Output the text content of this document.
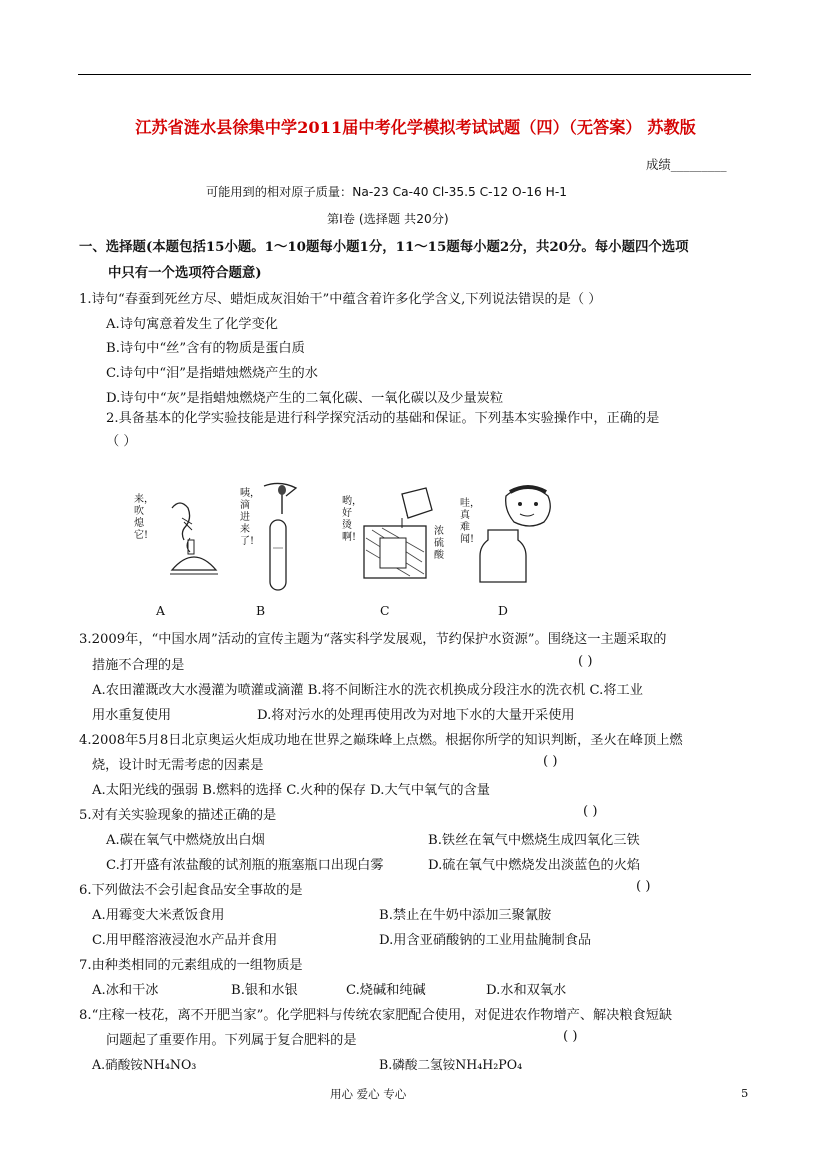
江苏省涟水县徐集中学2011届中考化学模拟考试试题（四）（无答案） 苏教版
成绩_________
可能用到的相对原子质量：Na-23 Ca-40 Cl-35.5 C-12 O-16 H-1
第Ⅰ卷 (选择题 共20分)
一、选择题(本题包括15小题。1～10题每小题1分，11～15题每小题2分，共20分。每小题四个选项
中只有一个选项符合题意)
1.诗句“春蚕到死丝方尽、蜡炬成灰泪始干”中蕴含着许多化学含义,下列说法错误的是（ ）
A.诗句寓意着发生了化学变化
B.诗句中“丝”含有的物质是蛋白质
C.诗句中“泪”是指蜡烛燃烧产生的水
D.诗句中“灰”是指蜡烛燃烧产生的二氧化碳、一氧化碳以及少量炭粒
2.具备基本的化学实验技能是进行科学探究活动的基础和保证。下列基本实验操作中，正确的是
（ ）
来，吹熄它!
咦，滴进来了!
哟，好烫啊!
浓硫酸
哇，真难闻!
A	B	C	D
3.2009年，“中国水周”活动的宣传主题为“落实科学发展观，节约保护水资源”。围绕这一主题采取的
措施不合理的是	( )
A.农田灌溉改大水漫灌为喷灌或滴灌 B.将不间断注水的洗衣机换成分段注水的洗衣机 C.将工业
用水重复使用	D.将对污水的处理再使用改为对地下水的大量开采使用
4.2008年5月8日北京奥运火炬成功地在世界之巅珠峰上点燃。根据你所学的知识判断，圣火在峰顶上燃
烧，设计时无需考虑的因素是	( )
A.太阳光线的强弱 B.燃料的选择 C.火种的保存 D.大气中氧气的含量
5.对有关实验现象的描述正确的是	( )
A.碳在氧气中燃烧放出白烟	B.铁丝在氧气中燃烧生成四氧化三铁
C.打开盛有浓盐酸的试剂瓶的瓶塞瓶口出现白雾	D.硫在氧气中燃烧发出淡蓝色的火焰
6.下列做法不会引起食品安全事故的是	( )
A.用霉变大米煮饭食用	B.禁止在牛奶中添加三聚氰胺
C.用甲醛溶液浸泡水产品并食用	D.用含亚硝酸钠的工业用盐腌制食品
7.由种类相同的元素组成的一组物质是
A.冰和干冰	B.银和水银	C.烧碱和纯碱	D.水和双氧水
8.“庄稼一枝花，离不开肥当家”。化学肥料与传统农家肥配合使用，对促进农作物增产、解决粮食短缺
问题起了重要作用。下列属于复合肥料的是	( )
A.硝酸铵NH₄NO₃	B.磷酸二氢铵NH₄H₂PO₄
用心 爱心 专心	5
